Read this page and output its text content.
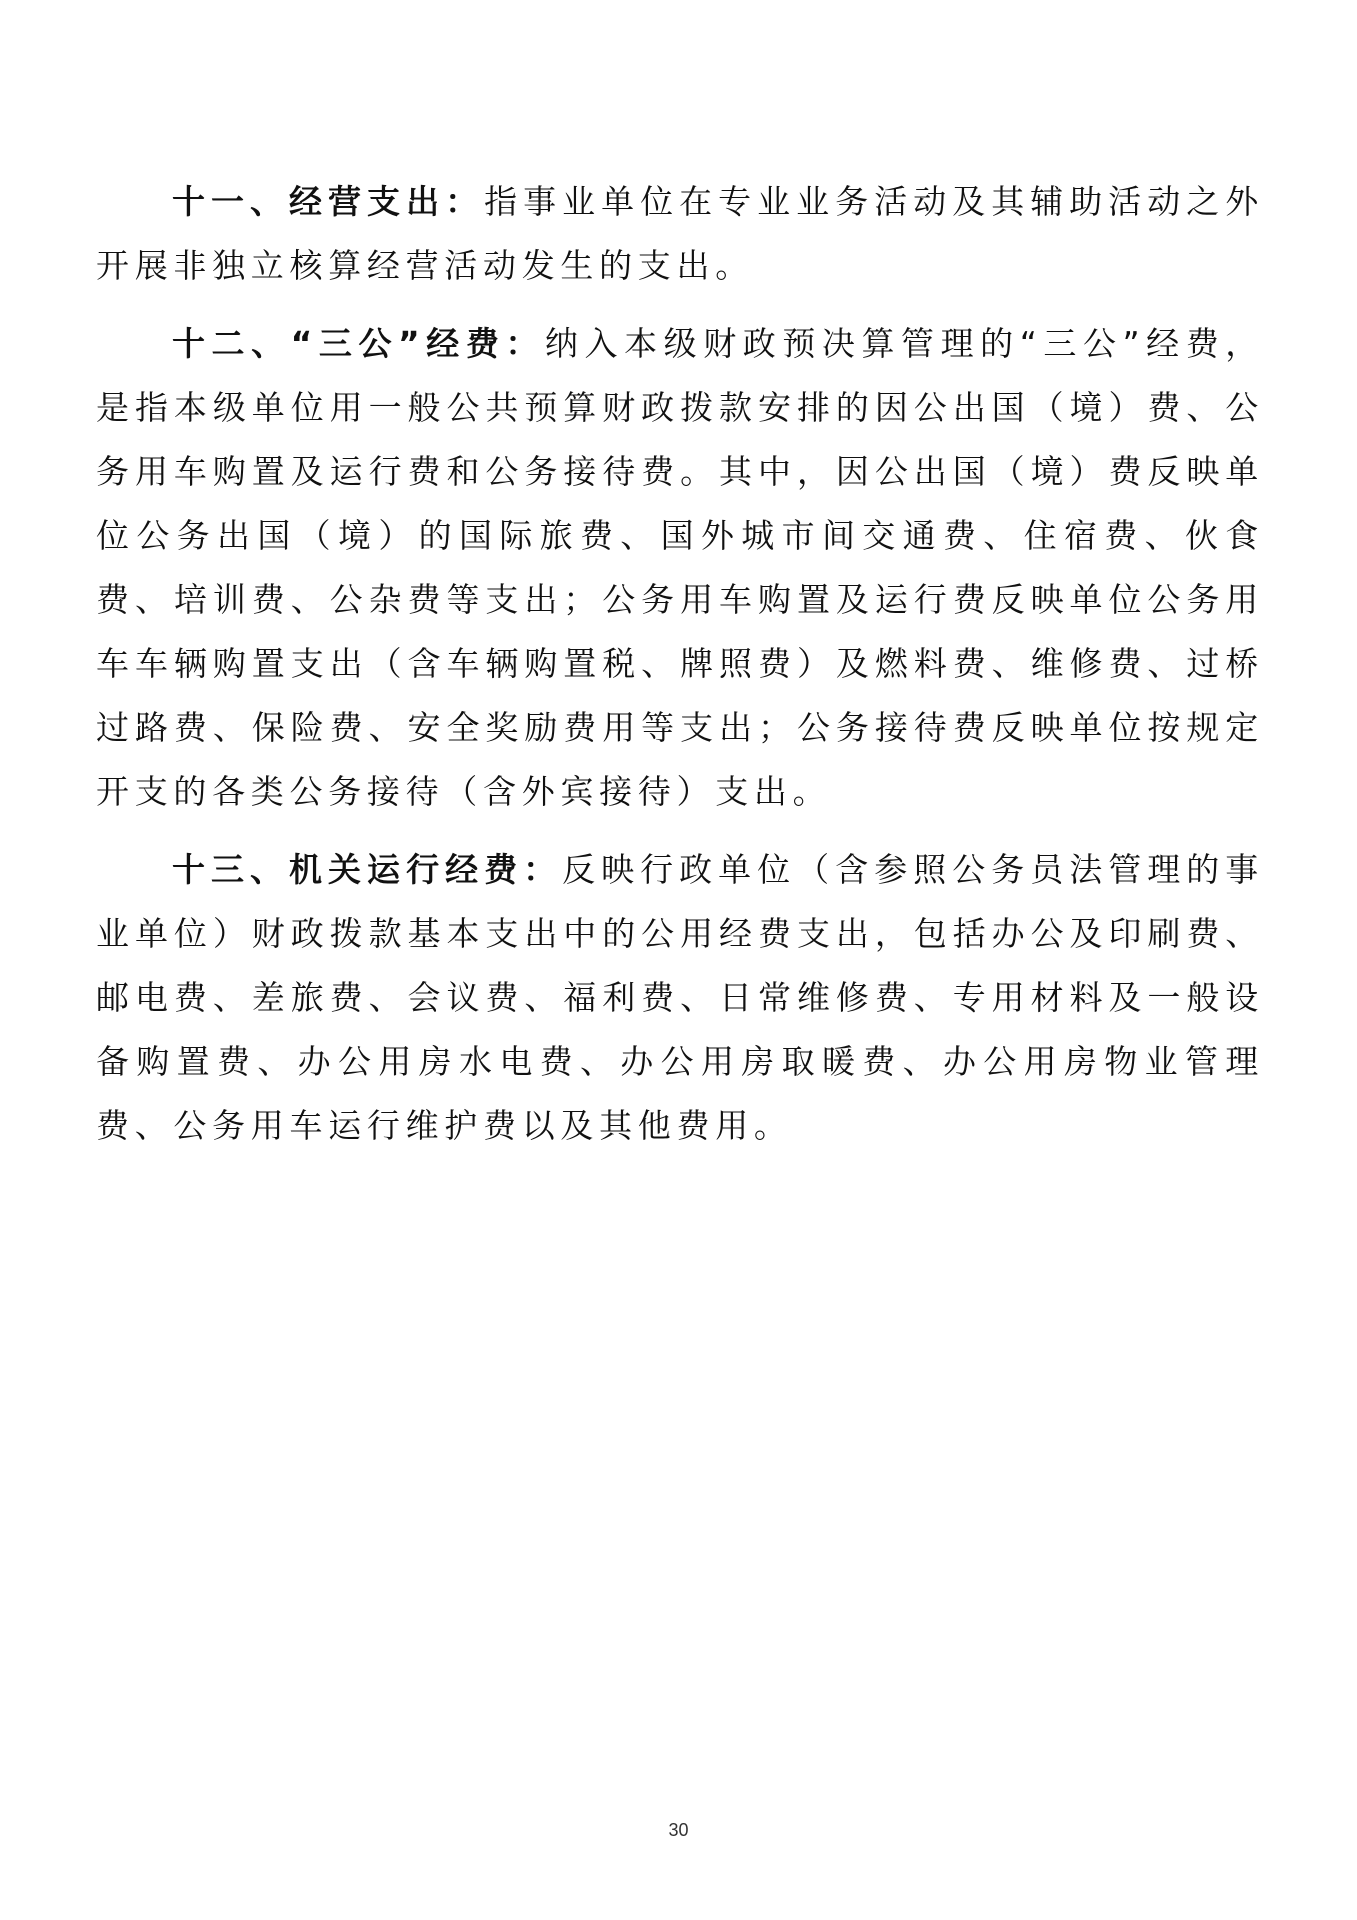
十一、经营支出：指事业单位在专业业务活动及其辅助活动之外开展非独立核算经营活动发生的支出。

十二、“三公”经费：纳入本级财政预决算管理的“三公”经费，是指本级单位用一般公共预算财政拨款安排的因公出国（境）费、公务用车购置及运行费和公务接待费。其中，因公出国（境）费反映单位公务出国（境）的国际旅费、国外城市间交通费、住宿费、伙食费、培训费、公杂费等支出；公务用车购置及运行费反映单位公务用车车辆购置支出（含车辆购置税、牌照费）及燃料费、维修费、过桥过路费、保险费、安全奖励费用等支出；公务接待费反映单位按规定开支的各类公务接待（含外宾接待）支出。

十三、机关运行经费：反映行政单位（含参照公务员法管理的事业单位）财政拨款基本支出中的公用经费支出，包括办公及印刷费、邮电费、差旅费、会议费、福利费、日常维修费、专用材料及一般设备购置费、办公用房水电费、办公用房取暖费、办公用房物业管理费、公务用车运行维护费以及其他费用。

30
